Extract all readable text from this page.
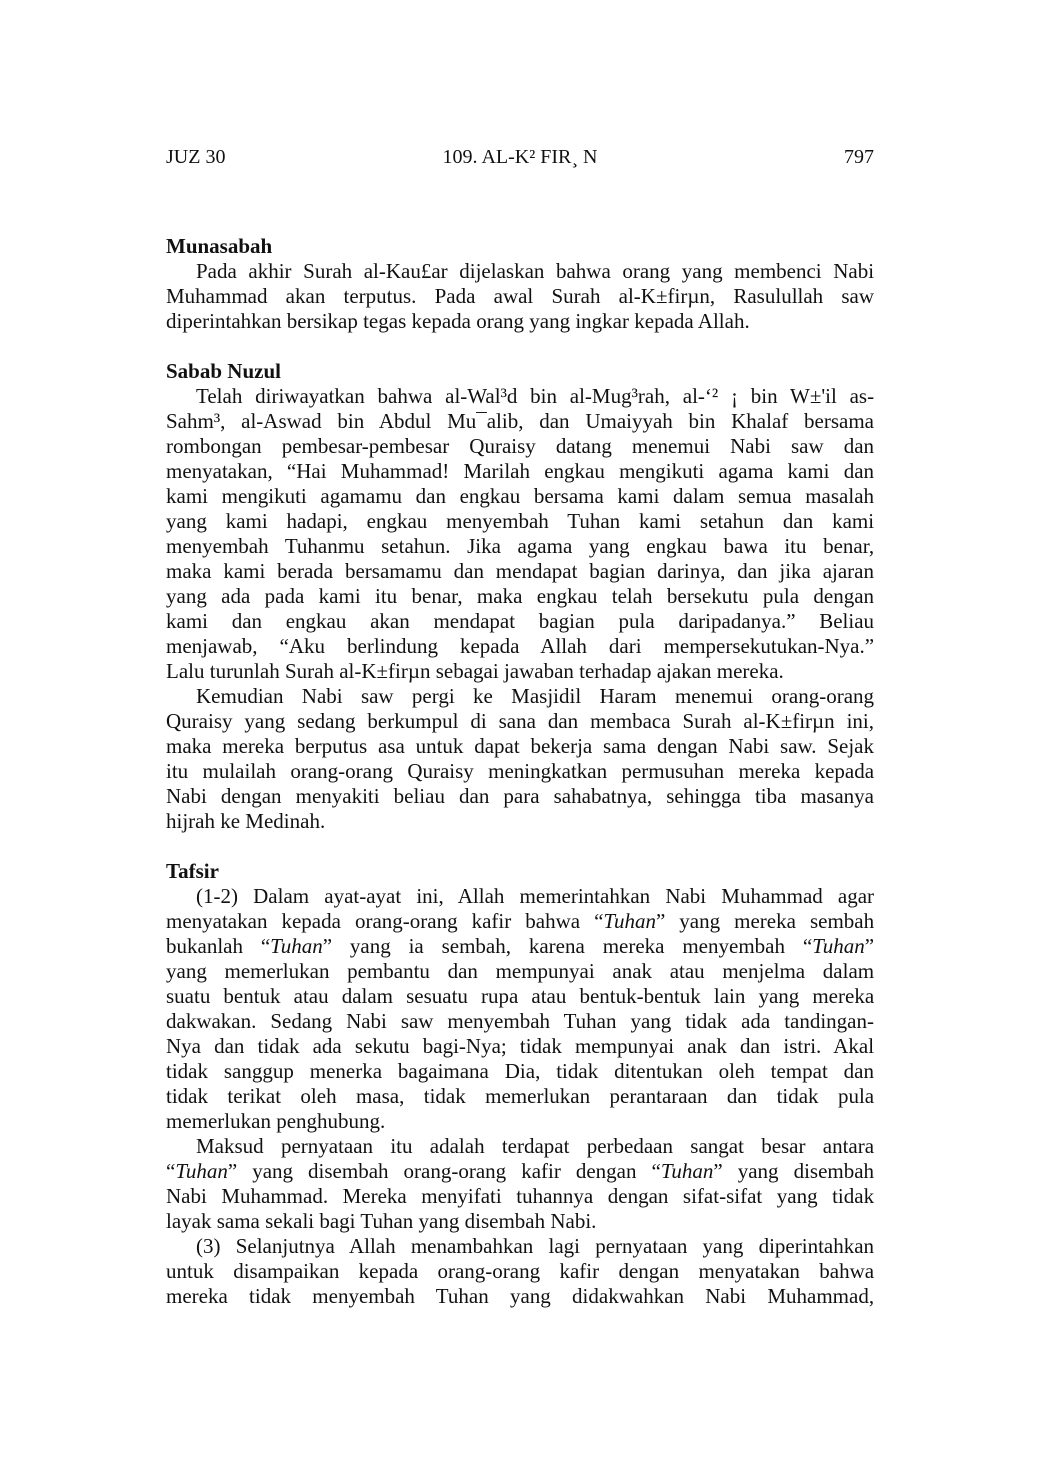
JUZ 30	109. AL-K² FIR¸ N	797
Munasabah
Pada akhir Surah al-Kau£ar dijelaskan bahwa orang yang membenci Nabi
Muhammad akan terputus. Pada awal Surah al-K±firµn, Rasulullah saw
diperintahkan bersikap tegas kepada orang yang ingkar kepada Allah.
Sabab Nuzul
Telah diriwayatkan bahwa al-Wal³d bin al-Mug³rah, al-‘² ¡ bin W±'il as-
Sahm³, al-Aswad bin Abdul Mu¯alib, dan Umaiyyah bin Khalaf bersama
rombongan pembesar-pembesar Quraisy datang menemui Nabi saw dan
menyatakan, “Hai Muhammad! Marilah engkau mengikuti agama kami dan
kami mengikuti agamamu dan engkau bersama kami dalam semua masalah
yang kami hadapi, engkau menyembah Tuhan kami setahun dan kami
menyembah Tuhanmu setahun. Jika agama yang engkau bawa itu benar,
maka kami berada bersamamu dan mendapat bagian darinya, dan jika ajaran
yang ada pada kami itu benar, maka engkau telah bersekutu pula dengan
kami dan engkau akan mendapat bagian pula daripadanya.” Beliau
menjawab, “Aku berlindung kepada Allah dari mempersekutukan-Nya.”
Lalu turunlah Surah al-K±firµn sebagai jawaban terhadap ajakan mereka.
Kemudian Nabi saw pergi ke Masjidil Haram menemui orang-orang
Quraisy yang sedang berkumpul di sana dan membaca Surah al-K±firµn ini,
maka mereka berputus asa untuk dapat bekerja sama dengan Nabi saw. Sejak
itu mulailah orang-orang Quraisy meningkatkan permusuhan mereka kepada
Nabi dengan menyakiti beliau dan para sahabatnya, sehingga tiba masanya
hijrah ke Medinah.
Tafsir
(1-2) Dalam ayat-ayat ini, Allah memerintahkan Nabi Muhammad agar
menyatakan kepada orang-orang kafir bahwa “Tuhan” yang mereka sembah
bukanlah “Tuhan” yang ia sembah, karena mereka menyembah “Tuhan”
yang memerlukan pembantu dan mempunyai anak atau menjelma dalam
suatu bentuk atau dalam sesuatu rupa atau bentuk-bentuk lain yang mereka
dakwakan. Sedang Nabi saw menyembah Tuhan yang tidak ada tandingan-
Nya dan tidak ada sekutu bagi-Nya; tidak mempunyai anak dan istri. Akal
tidak sanggup menerka bagaimana Dia, tidak ditentukan oleh tempat dan
tidak terikat oleh masa, tidak memerlukan perantaraan dan tidak pula
memerlukan penghubung.
Maksud pernyataan itu adalah terdapat perbedaan sangat besar antara
“Tuhan” yang disembah orang-orang kafir dengan “Tuhan” yang disembah
Nabi Muhammad. Mereka menyifati tuhannya dengan sifat-sifat yang tidak
layak sama sekali bagi Tuhan yang disembah Nabi.
(3) Selanjutnya Allah menambahkan lagi pernyataan yang diperintahkan
untuk disampaikan kepada orang-orang kafir dengan menyatakan bahwa
mereka tidak menyembah Tuhan yang didakwahkan Nabi Muhammad,
